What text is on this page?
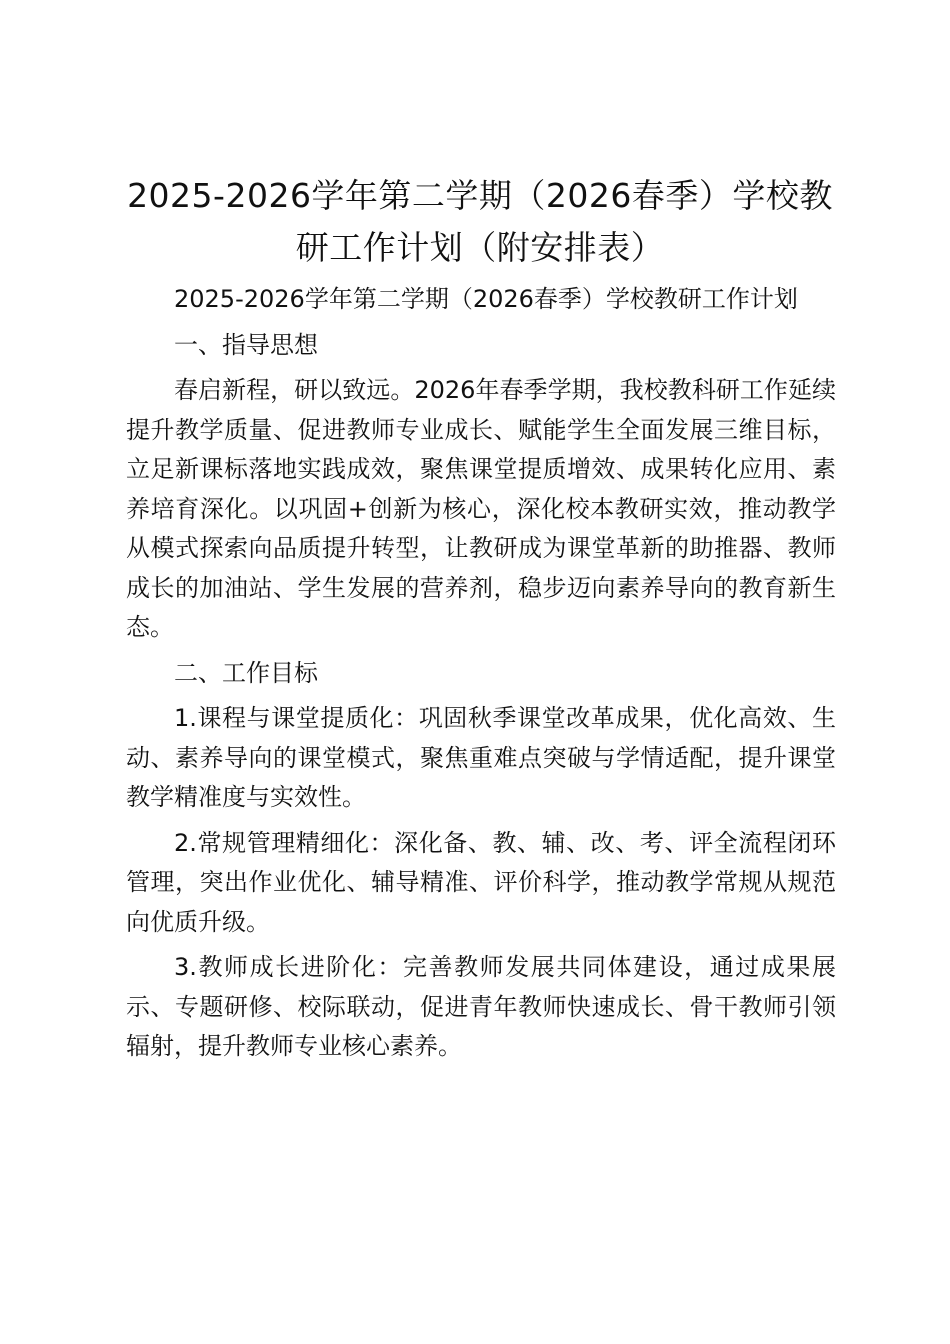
2025-2026学年第二学期（2026春季）学校教研工作计划（附安排表）

2025-2026学年第二学期（2026春季）学校教研工作计划

一、指导思想

春启新程，研以致远。2026年春季学期，我校教科研工作延续提升教学质量、促进教师专业成长、赋能学生全面发展三维目标，立足新课标落地实践成效，聚焦课堂提质增效、成果转化应用、素养培育深化。以巩固+创新为核心，深化校本教研实效，推动教学从模式探索向品质提升转型，让教研成为课堂革新的助推器、教师成长的加油站、学生发展的营养剂，稳步迈向素养导向的教育新生态。

二、工作目标

1.课程与课堂提质化：巩固秋季课堂改革成果，优化高效、生动、素养导向的课堂模式，聚焦重难点突破与学情适配，提升课堂教学精准度与实效性。

2.常规管理精细化：深化备、教、辅、改、考、评全流程闭环管理，突出作业优化、辅导精准、评价科学，推动教学常规从规范向优质升级。

3.教师成长进阶化：完善教师发展共同体建设，通过成果展示、专题研修、校际联动，促进青年教师快速成长、骨干教师引领辐射，提升教师专业核心素养。
